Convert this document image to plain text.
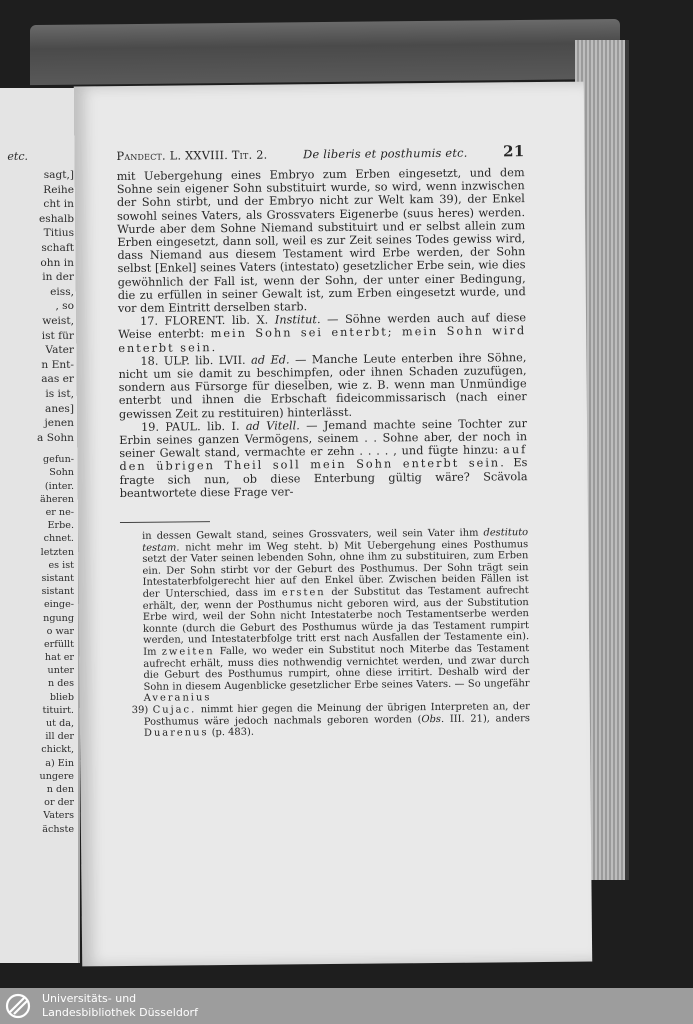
etc.
sagt,]
Reihe
cht in
eshalb
Titius
schaft
ohn in
in der
eiss,
, so
weist,
ist für
Vater
n Ent-
aas er
is ist,
anes]
jenen
a Sohn
gefun-
Sohn
(inter.
äheren
er ne-
Erbe.
chnet.
letzten
es ist
sistant
sistant
einge-
ngung
o war
erfüllt
hat er
unter
n des
blieb
tituirt.
ut da,
ill der
chickt,
a) Ein
ungere
n den
or der
Vaters
ächste
Pandect. L. XXVIII. Tit. 2.	De liberis et posthumis etc. 21

mit Uebergehung eines Embryo zum Erben eingesetzt, und dem Sohne sein eigener Sohn substituirt wurde, so wird, wenn inzwischen der Sohn stirbt, und der Embryo nicht zur Welt kam 39), der Enkel sowohl seines Vaters, als Grossvaters Eigenerbe (suus heres) werden. Wurde aber dem Sohne Niemand substituirt und er selbst allein zum Erben eingesetzt, dann soll, weil es zur Zeit seines Todes gewiss wird, dass Niemand aus diesem Testament wird Erbe werden, der Sohn selbst [Enkel] seines Vaters (intestato) gesetzlicher Erbe sein, wie dies gewöhnlich der Fall ist, wenn der Sohn, der unter einer Bedingung, die zu erfüllen in seiner Gewalt ist, zum Erben eingesetzt wurde, und vor dem Eintritt derselben starb.

17. FLORENT. lib. X. Institut. — Söhne werden auch auf diese Weise enterbt: mein Sohn sei enterbt; mein Sohn wird enterbt sein.

18. ULP. lib. LVII. ad Ed. — Manche Leute enterben ihre Söhne, nicht um sie damit zu beschimpfen, oder ihnen Schaden zuzufügen, sondern aus Fürsorge für dieselben, wie z. B. wenn man Unmündige enterbt und ihnen die Erbschaft fideicommissarisch (nach einer gewissen Zeit zu restituiren) hinterlässt.

19. PAUL. lib. I. ad Vitell. — Jemand machte seine Tochter zur Erbin seines ganzen Vermögens, seinem . . Sohne aber, der noch in seiner Gewalt stand, vermachte er zehn . . . . , und fügte hinzu: auf den übrigen Theil soll mein Sohn enterbt sein. Es fragte sich nun, ob diese Enterbung gültig wäre? Scävola beantwortete diese Frage ver-

in dessen Gewalt stand, seines Grossvaters, weil sein Vater ihm destituto testam. nicht mehr im Weg steht. b) Mit Uebergehung eines Posthumus setzt der Vater seinen lebenden Sohn, ohne ihm zu substituiren, zum Erben ein. Der Sohn stirbt vor der Geburt des Posthumus. Der Sohn trägt sein Intestaterbfolgerecht hier auf den Enkel über. Zwischen beiden Fällen ist der Unterschied, dass im ersten der Substitut das Testament aufrecht erhält, der, wenn der Posthumus nicht geboren wird, aus der Substitution Erbe wird, weil der Sohn nicht Intestaterbe noch Testamentserbe werden konnte (durch die Geburt des Posthumus würde ja das Testament rumpirt werden, und Intestaterbfolge tritt erst nach Ausfallen der Testamente ein). Im zweiten Falle, wo weder ein Substitut noch Miterbe das Testament aufrecht erhält, muss dies nothwendig vernichtet werden, und zwar durch die Geburt des Posthumus rumpirt, ohne diese irritirt. Deshalb wird der Sohn in diesem Augenblicke gesetzlicher Erbe seines Vaters. — So ungefähr Averanius

39) Cujac. nimmt hier gegen die Meinung der übrigen Interpreten an, der Posthumus wäre jedoch nachmals geboren worden (Obs. III. 21), anders Duarenus (p. 483).

Universitäts- und
Landesbibliothek Düsseldorf
